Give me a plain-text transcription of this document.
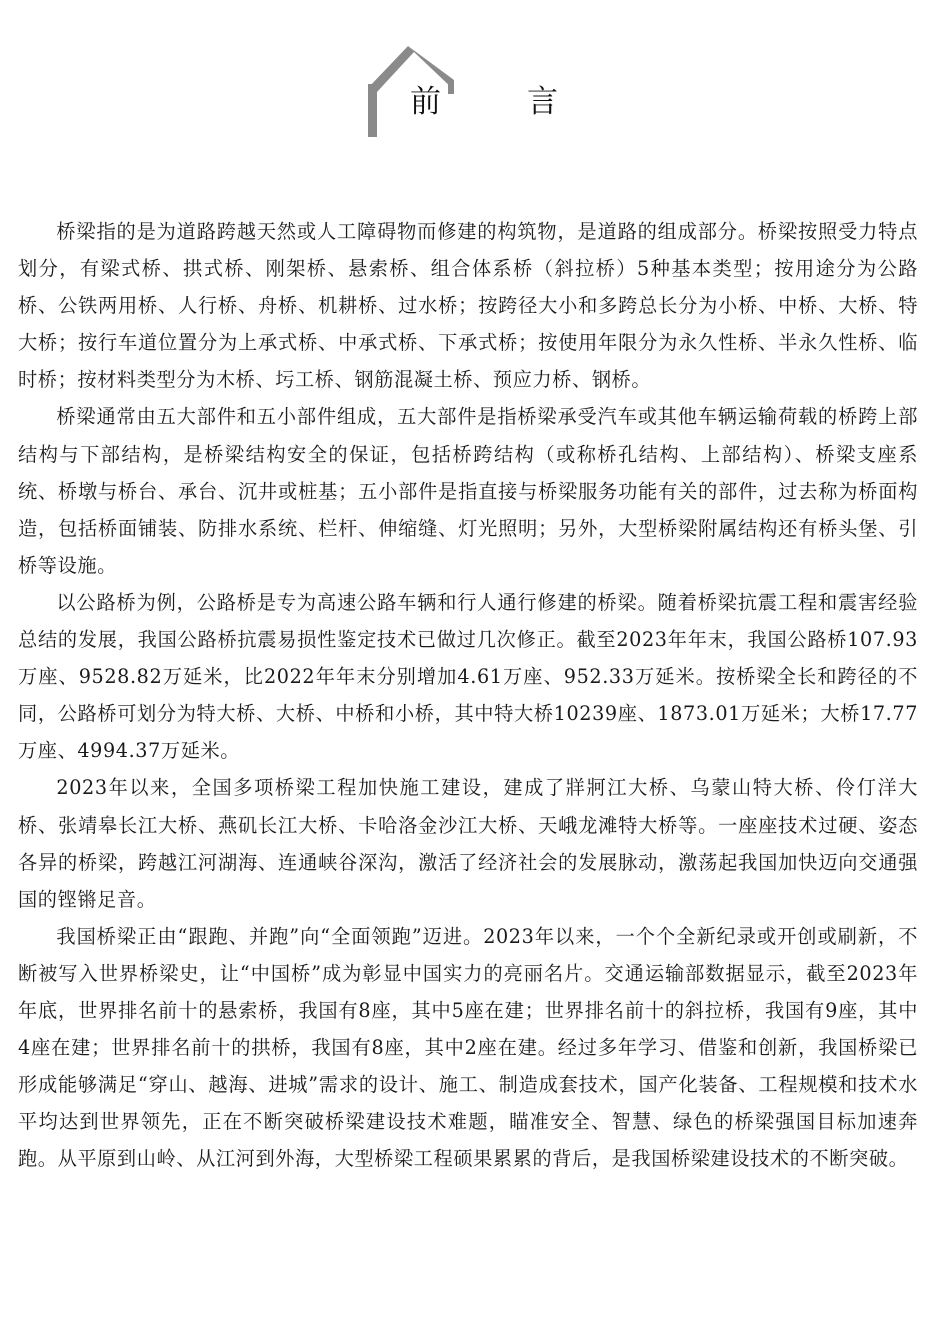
前	言

桥梁指的是为道路跨越天然或人工障碍物而修建的构筑物，是道路的组成部分。桥梁按照受力特点划分，有梁式桥、拱式桥、刚架桥、悬索桥、组合体系桥（斜拉桥）5种基本类型；按用途分为公路桥、公铁两用桥、人行桥、舟桥、机耕桥、过水桥；按跨径大小和多跨总长分为小桥、中桥、大桥、特大桥；按行车道位置分为上承式桥、中承式桥、下承式桥；按使用年限分为永久性桥、半永久性桥、临时桥；按材料类型分为木桥、圬工桥、钢筋混凝土桥、预应力桥、钢桥。

桥梁通常由五大部件和五小部件组成，五大部件是指桥梁承受汽车或其他车辆运输荷载的桥跨上部结构与下部结构，是桥梁结构安全的保证，包括桥跨结构（或称桥孔结构、上部结构）、桥梁支座系统、桥墩与桥台、承台、沉井或桩基；五小部件是指直接与桥梁服务功能有关的部件，过去称为桥面构造，包括桥面铺装、防排水系统、栏杆、伸缩缝、灯光照明；另外，大型桥梁附属结构还有桥头堡、引桥等设施。

以公路桥为例，公路桥是专为高速公路车辆和行人通行修建的桥梁。随着桥梁抗震工程和震害经验总结的发展，我国公路桥抗震易损性鉴定技术已做过几次修正。截至2023年年末，我国公路桥107.93万座、9528.82万延米，比2022年年末分别增加4.61万座、952.33万延米。按桥梁全长和跨径的不同，公路桥可划分为特大桥、大桥、中桥和小桥，其中特大桥10239座、1873.01万延米；大桥17.77万座、4994.37万延米。

2023年以来，全国多项桥梁工程加快施工建设，建成了牂牁江大桥、乌蒙山特大桥、伶仃洋大桥、张靖皋长江大桥、燕矶长江大桥、卡哈洛金沙江大桥、天峨龙滩特大桥等。一座座技术过硬、姿态各异的桥梁，跨越江河湖海、连通峡谷深沟，激活了经济社会的发展脉动，激荡起我国加快迈向交通强国的铿锵足音。

我国桥梁正由“跟跑、并跑”向“全面领跑”迈进。2023年以来，一个个全新纪录或开创或刷新，不断被写入世界桥梁史，让“中国桥”成为彰显中国实力的亮丽名片。交通运输部数据显示，截至2023年年底，世界排名前十的悬索桥，我国有8座，其中5座在建；世界排名前十的斜拉桥，我国有9座，其中4座在建；世界排名前十的拱桥，我国有8座，其中2座在建。经过多年学习、借鉴和创新，我国桥梁已形成能够满足“穿山、越海、进城”需求的设计、施工、制造成套技术，国产化装备、工程规模和技术水平均达到世界领先，正在不断突破桥梁建设技术难题，瞄准安全、智慧、绿色的桥梁强国目标加速奔跑。从平原到山岭、从江河到外海，大型桥梁工程硕果累累的背后，是我国桥梁建设技术的不断突破。
